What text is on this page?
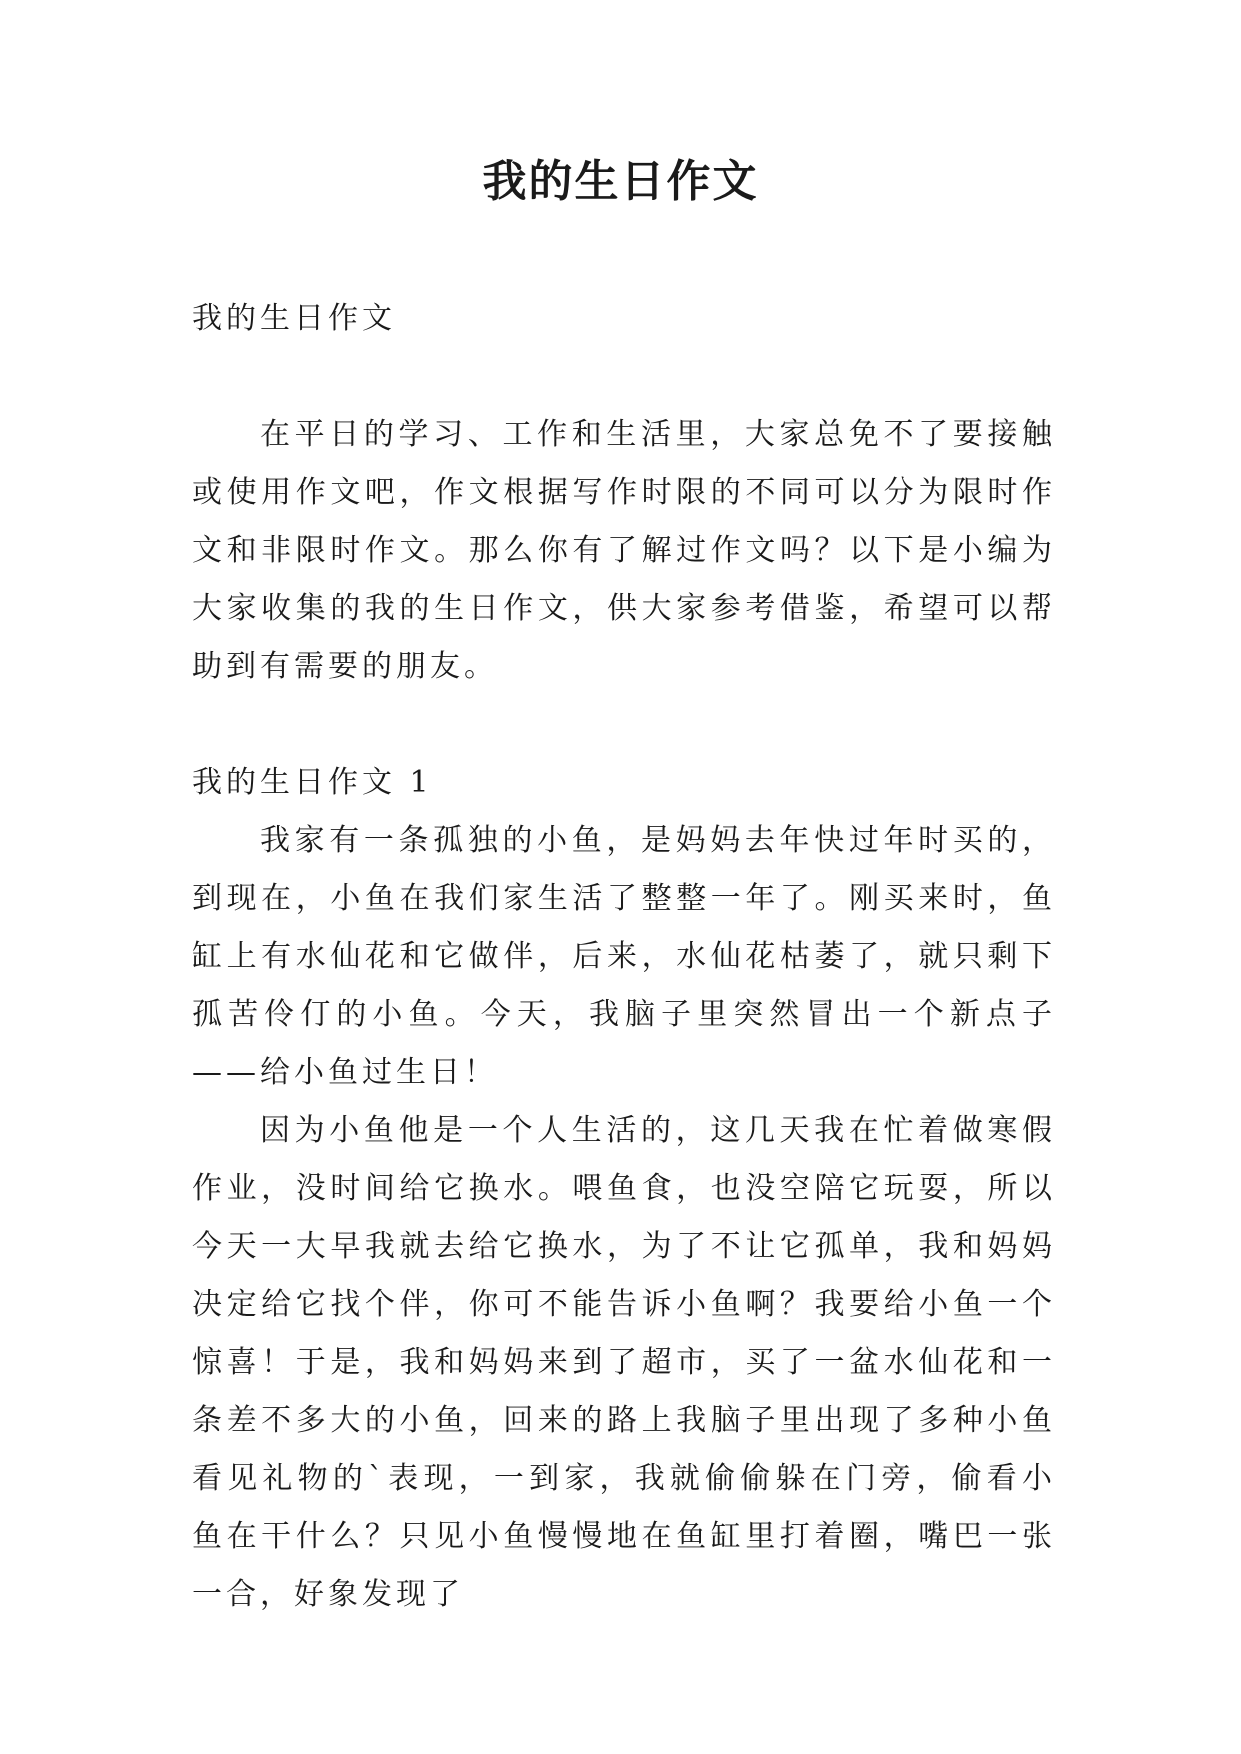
我的生日作文

我的生日作文

在平日的学习、工作和生活里，大家总免不了要接触或使用作文吧，作文根据写作时限的不同可以分为限时作文和非限时作文。那么你有了解过作文吗？以下是小编为大家收集的我的生日作文，供大家参考借鉴，希望可以帮助到有需要的朋友。

我的生日作文 1

我家有一条孤独的小鱼，是妈妈去年快过年时买的，到现在，小鱼在我们家生活了整整一年了。刚买来时，鱼缸上有水仙花和它做伴，后来，水仙花枯萎了，就只剩下孤苦伶仃的小鱼。今天，我脑子里突然冒出一个新点子——给小鱼过生日！

因为小鱼他是一个人生活的，这几天我在忙着做寒假作业，没时间给它换水。喂鱼食，也没空陪它玩耍，所以今天一大早我就去给它换水，为了不让它孤单，我和妈妈决定给它找个伴，你可不能告诉小鱼啊？我要给小鱼一个惊喜！于是，我和妈妈来到了超市，买了一盆水仙花和一条差不多大的小鱼，回来的路上我脑子里出现了多种小鱼看见礼物的`表现，一到家，我就偷偷躲在门旁，偷看小鱼在干什么？只见小鱼慢慢地在鱼缸里打着圈，嘴巴一张一合，好象发现了
